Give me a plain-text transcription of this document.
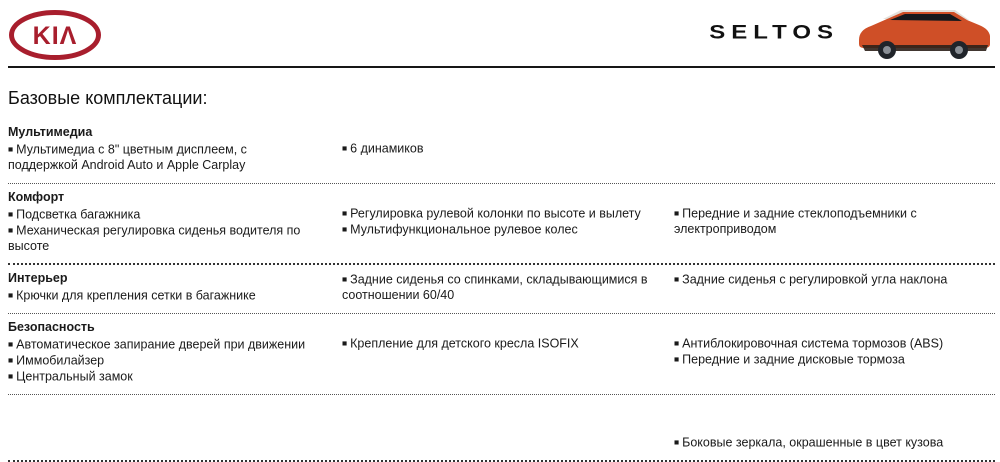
KIΛ	SELTOS
Базовые комплектации:
Мультимедиа
■ Мультимедиа с 8" цветным дисплеем, с поддержкой Android Auto и Apple Carplay
■ 6 динамиков
Комфорт
■ Подсветка багажника
■ Механическая регулировка сиденья водителя по высоте
■ Регулировка рулевой колонки по высоте и вылету
■ Мультифункциональное рулевое колес
■ Передние и задние стеклоподъемники с электроприводом
Интерьер
■ Крючки для крепления сетки в багажнике
■ Задние сиденья со спинками, складывающимися в соотношении 60/40
■ Задние сиденья с регулировкой угла наклона
Безопасность
■ Автоматическое запирание дверей при движении
■ Иммобилайзер
■ Центральный замок
■ Крепление для детского кресла ISOFIX	■ Антиблокировочная система тормозов (ABS)
■ Передние и задние дисковые тормоза
■ Боковые зеркала, окрашенные в цвет кузова
